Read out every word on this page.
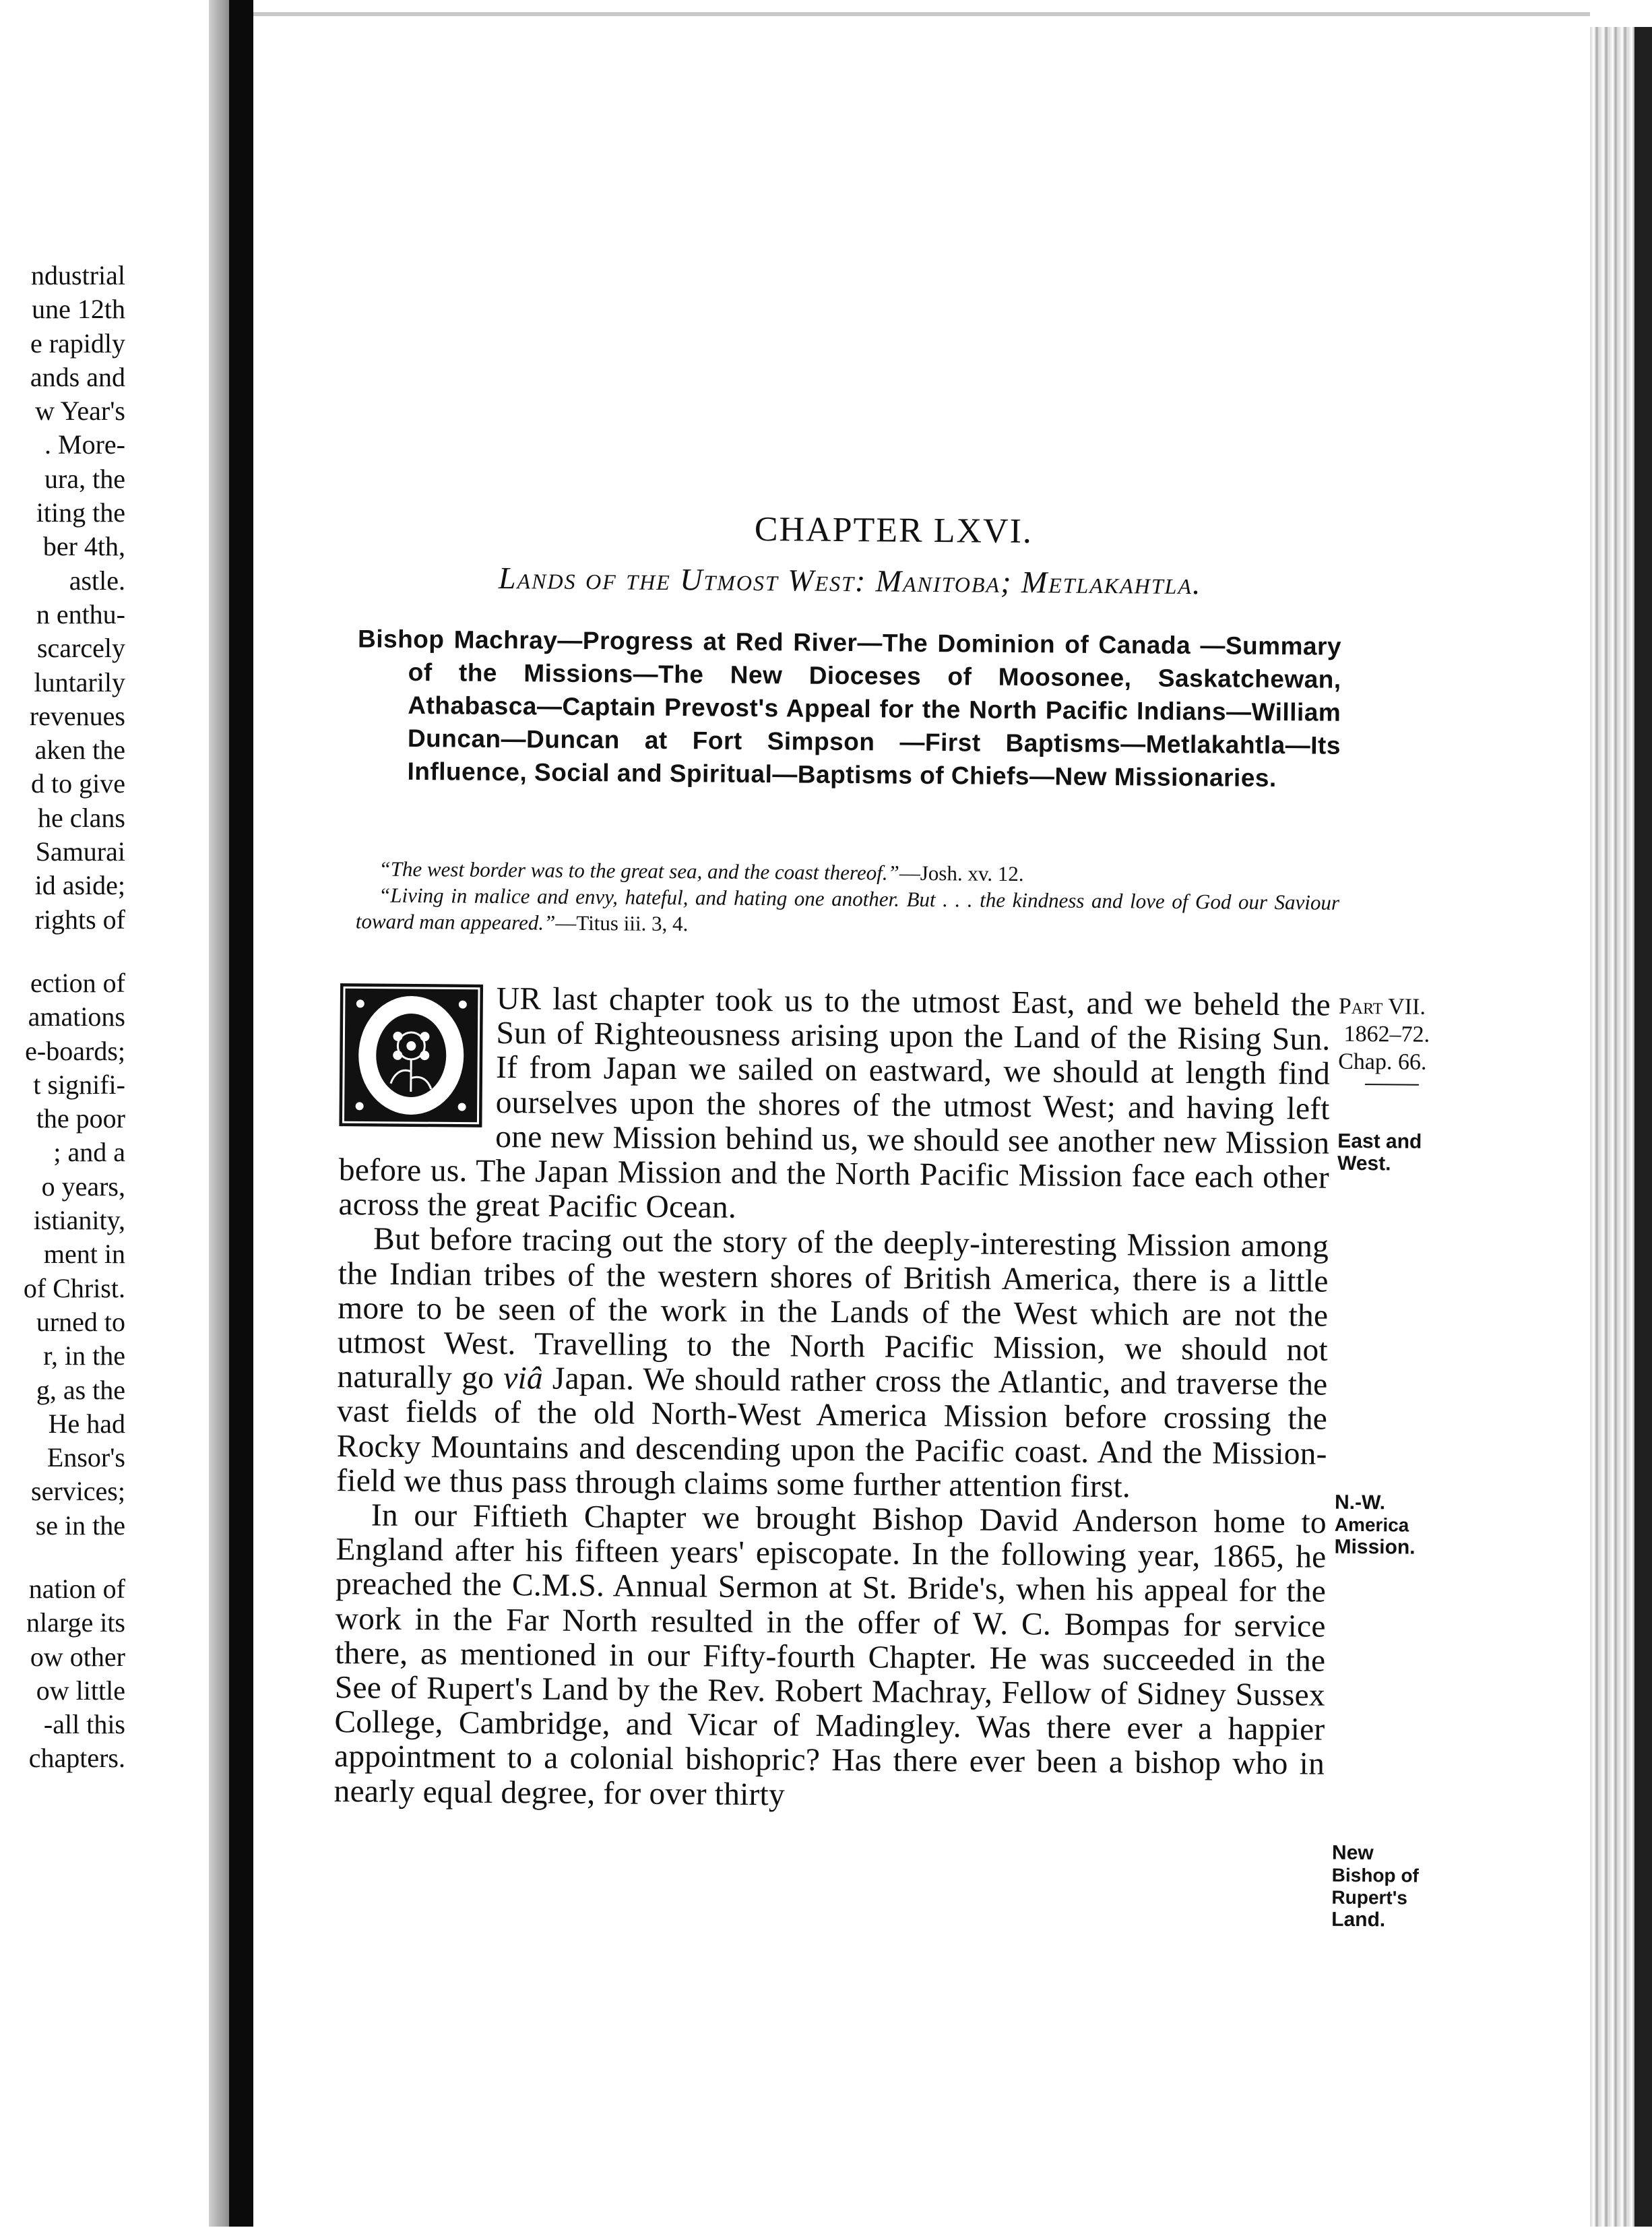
ndustrial
une 12th
e rapidly
ands and
w Year's
. More-
ura, the
iting the
ber 4th,
astle.
n enthu-
scarcely
luntarily
revenues
aken the
d to give
he clans
Samurai
id aside;
rights of
ection of
amations
e-boards;
t signifi-
the poor
; and a
o years,
istianity,
ment in
of Christ.
urned to
r, in the
g, as the
He had
Ensor's
services;
se in the
nation of
nlarge its
ow other
ow little
-all this
chapters.
CHAPTER LXVI.
Lands of the Utmost West: Manitoba; Metlakahtla.

Bishop Machray—Progress at Red River—The Dominion of Canada —Summary of the Missions—The New Dioceses of Moosonee, Saskatchewan, Athabasca—Captain Prevost's Appeal for the North Pacific Indians—William Duncan—Duncan at Fort Simpson —First Baptisms—Metlakahtla—Its Influence, Social and Spiritual—Baptisms of Chiefs—New Missionaries.

“The west border was to the great sea, and the coast thereof.”—Josh. xv. 12.

“Living in malice and envy, hateful, and hating one another. But . . . the kindness and love of God our Saviour toward man appeared.”—Titus iii. 3, 4.

O
UR last chapter took us to the utmost East, and we beheld the Sun of Righteousness arising upon the Land of the Rising Sun. If from Japan we sailed on eastward, we should at length find ourselves upon the shores of the utmost West; and having left one new Mission behind us, we should see another new Mission before us. The Japan Mission and the North Pacific Mission face each other across the great Pacific Ocean.

But before tracing out the story of the deeply-interesting Mission among the Indian tribes of the western shores of British America, there is a little more to be seen of the work in the Lands of the West which are not the utmost West. Travelling to the North Pacific Mission, we should not naturally go viâ Japan. We should rather cross the Atlantic, and traverse the vast fields of the old North-West America Mission before crossing the Rocky Mountains and descending upon the Pacific coast. And the Mission-field we thus pass through claims some further attention first.

In our Fiftieth Chapter we brought Bishop David Anderson home to England after his fifteen years' episcopate. In the following year, 1865, he preached the C.M.S. Annual Sermon at St. Bride's, when his appeal for the work in the Far North resulted in the offer of W. C. Bompas for service there, as mentioned in our Fifty-fourth Chapter. He was succeeded in the See of Rupert's Land by the Rev. Robert Machray, Fellow of Sidney Sussex College, Cambridge, and Vicar of Madingley. Was there ever a happier appointment to a colonial bishopric? Has there ever been a bishop who in nearly equal degree, for over thirty

Part VII.
1862–72.
Chap. 66.
East and
West.
N.-W.
America
Mission.
New
Bishop of
Rupert's
Land.
